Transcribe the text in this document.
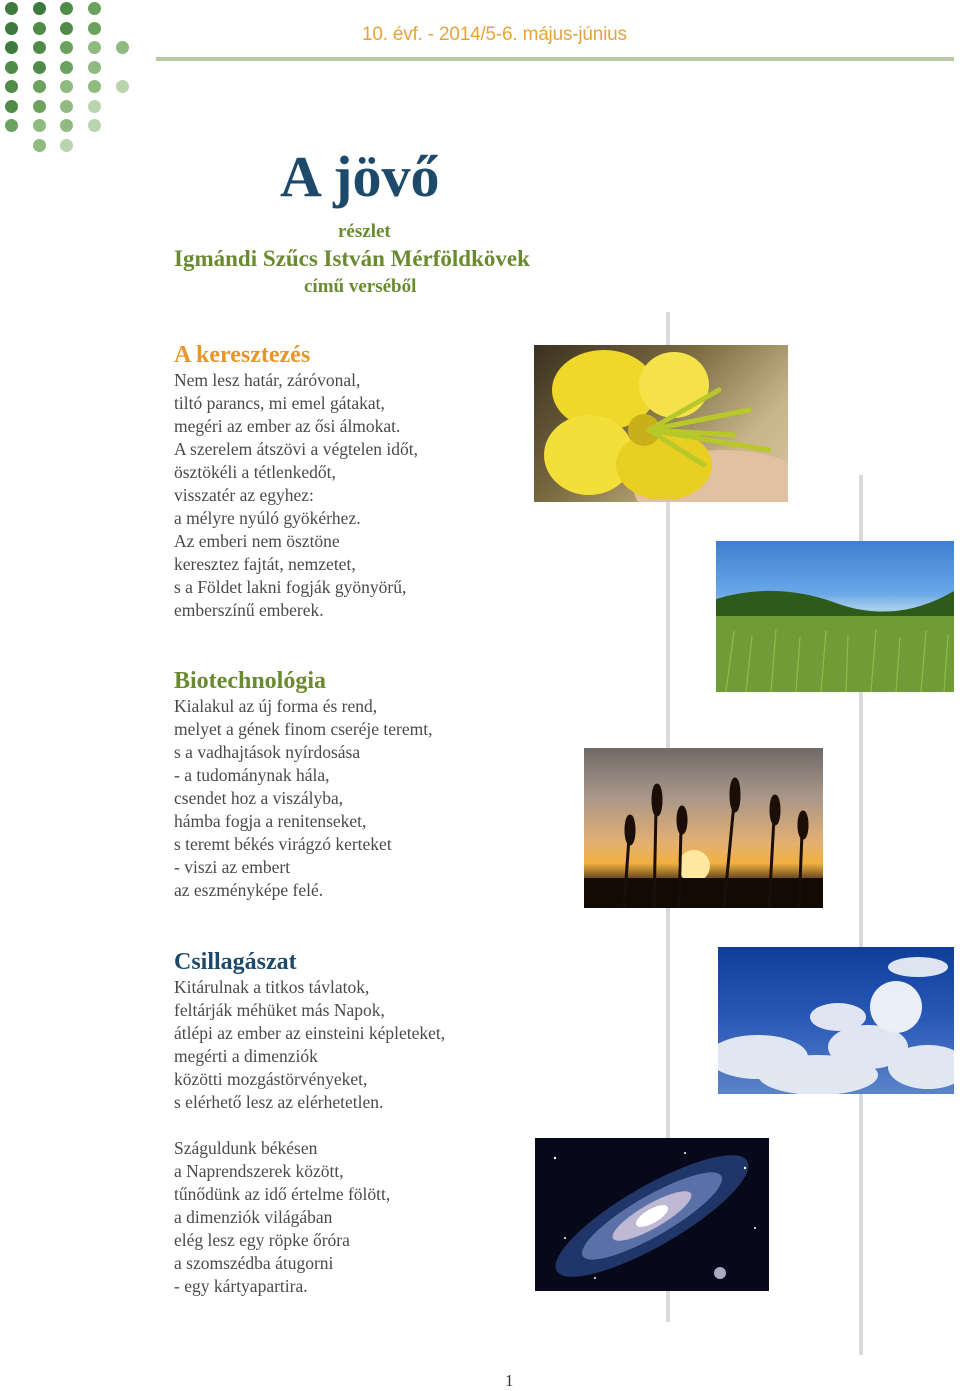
10. évf. - 2014/5-6. május-június
A jövő
részlet
Igmándi Szűcs István Mérföldkövek
című verséből
A keresztezés
Nem lesz határ, záróvonal,
tiltó parancs, mi emel gátakat,
megéri az ember az ősi álmokat.
A szerelem átszövi a végtelen időt,
ösztökéli a tétlenkedőt,
visszatér az egyhez:
a mélyre nyúló gyökérhez.
Az emberi nem ösztöne
keresztez fajtát, nemzetet,
s a Földet lakni fogják gyönyörű,
emberszínű emberek.
Biotechnológia
Kialakul az új forma és rend,
melyet a gének finom cseréje teremt,
s a vadhajtások nyírdosása
- a tudománynak hála,
csendet hoz a viszályba,
hámba fogja a renitenseket,
s teremt békés virágzó kerteket
- viszi az embert
az eszményképe felé.
Csillagászat
Kitárulnak a titkos távlatok,
feltárják méhüket más Napok,
átlépi az ember az einsteini képleteket,
megérti a dimenziók
közötti mozgástörvényeket,
s elérhető lesz az elérhetetlen.
Száguldunk békésen
a Naprendszerek között,
tűnődünk az idő értelme fölött,
a dimenziók világában
elég lesz egy röpke őróra
a szomszédba átugorni
- egy kártyapartira.
1
